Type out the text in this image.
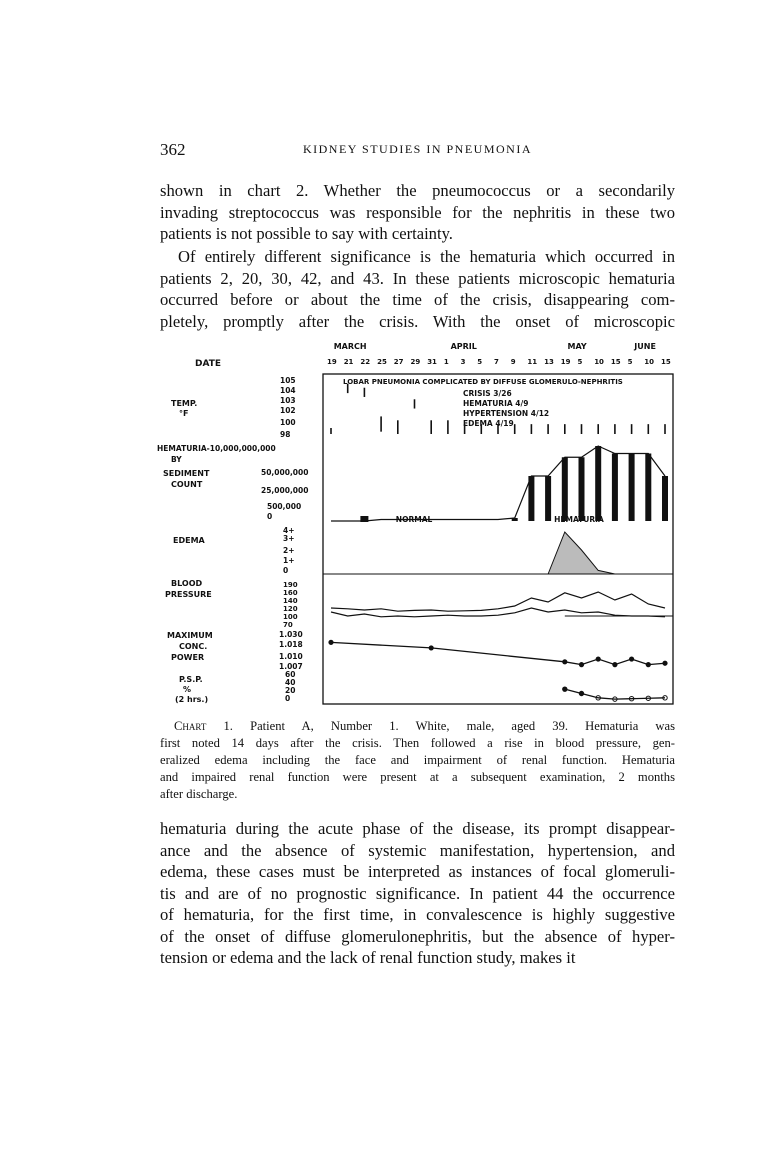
362	KIDNEY STUDIES IN PNEUMONIA

shown in chart 2. Whether the pneumococcus or a secondarily
invading streptococcus was responsible for the nephritis in these two
patients is not possible to say with certainty.

Of entirely different significance is the hematuria which occurred in
patients 2, 20, 30, 42, and 43. In these patients microscopic hematuria
occurred before or about the time of the crisis, disappearing com-
pletely, promptly after the crisis. With the onset of microscopic

MARCH	APRIL	MAY	JUNE
DATE	19 21 22 25 27 29 31 1 3 5 7 9 11 13 19 5 10 15 5 10 15
105
104
103
102
100
98
TEMP.
°F
LOBAR PNEUMONIA COMPLICATED BY DIFFUSE GLOMERULO-NEPHRITIS
CRISIS 3/26
HEMATURIA 4/9
HYPERTENSION 4/12
EDEMA 4/19
HEMATURIA-10,000,000,000
BY
SEDIMENT
COUNT
50,000,000
25,000,000
500,000
0	NORMAL	HEMATURIA
EDEMA
4+
3+
2+
1+
0
BLOOD
PRESSURE
190
160
140
120
100
70
MAXIMUM
CONC.
POWER
1.030
1.018
1.010
1.007
P.S.P.
%
(2 hrs.)
60
40
20
0

Chart 1. Patient A, Number 1. White, male, aged 39. Hematuria was
first noted 14 days after the crisis. Then followed a rise in blood pressure, gen-
eralized edema including the face and impairment of renal function. Hematuria
and impaired renal function were present at a subsequent examination, 2 months
after discharge.

hematuria during the acute phase of the disease, its prompt disappear-
ance and the absence of systemic manifestation, hypertension, and
edema, these cases must be interpreted as instances of focal glomeruli-
tis and are of no prognostic significance. In patient 44 the occurrence
of hematuria, for the first time, in convalescence is highly suggestive
of the onset of diffuse glomerulonephritis, but the absence of hyper-
tension or edema and the lack of renal function study, makes it
